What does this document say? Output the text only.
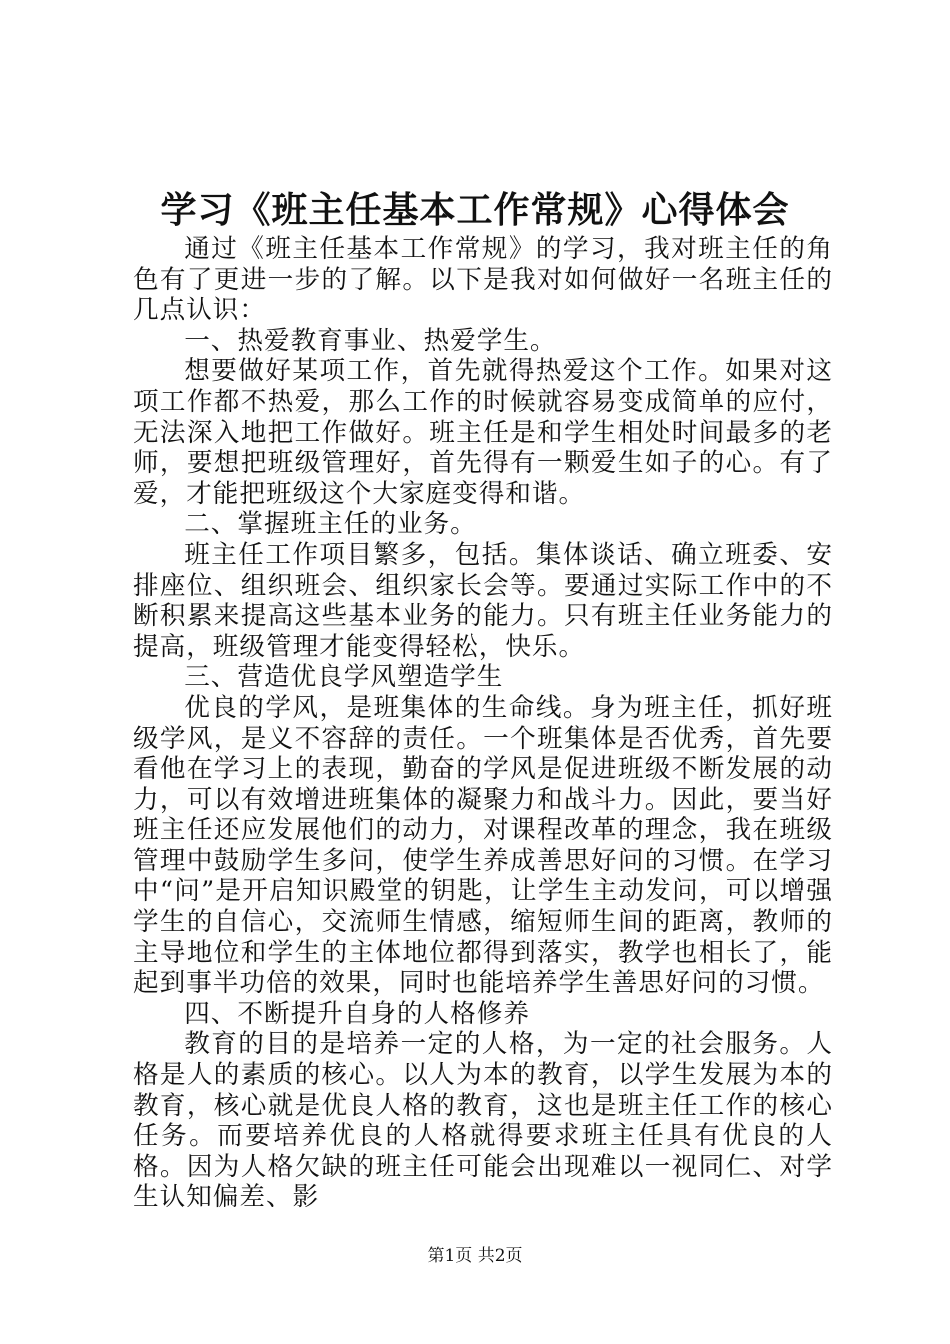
学习《班主任基本工作常规》心得体会

通过《班主任基本工作常规》的学习，我对班主任的角色有了更进一步的了解。以下是我对如何做好一名班主任的几点认识：

一、热爱教育事业、热爱学生。

想要做好某项工作，首先就得热爱这个工作。如果对这项工作都不热爱，那么工作的时候就容易变成简单的应付，无法深入地把工作做好。班主任是和学生相处时间最多的老师，要想把班级管理好，首先得有一颗爱生如子的心。有了爱，才能把班级这个大家庭变得和谐。

二、掌握班主任的业务。

班主任工作项目繁多，包括。集体谈话、确立班委、安排座位、组织班会、组织家长会等。要通过实际工作中的不断积累来提高这些基本业务的能力。只有班主任业务能力的提高，班级管理才能变得轻松，快乐。

三、营造优良学风塑造学生

优良的学风，是班集体的生命线。身为班主任，抓好班级学风，是义不容辞的责任。一个班集体是否优秀，首先要看他在学习上的表现，勤奋的学风是促进班级不断发展的动力，可以有效增进班集体的凝聚力和战斗力。因此，要当好班主任还应发展他们的动力，对课程改革的理念，我在班级管理中鼓励学生多问，使学生养成善思好问的习惯。在学习中“问”是开启知识殿堂的钥匙，让学生主动发问，可以增强学生的自信心，交流师生情感，缩短师生间的距离，教师的主导地位和学生的主体地位都得到落实，教学也相长了，能起到事半功倍的效果，同时也能培养学生善思好问的习惯。

四、不断提升自身的人格修养

教育的目的是培养一定的人格，为一定的社会服务。人格是人的素质的核心。以人为本的教育，以学生发展为本的教育，核心就是优良人格的教育，这也是班主任工作的核心任务。而要培养优良的人格就得要求班主任具有优良的人格。因为人格欠缺的班主任可能会出现难以一视同仁、对学生认知偏差、影

第1页 共2页
